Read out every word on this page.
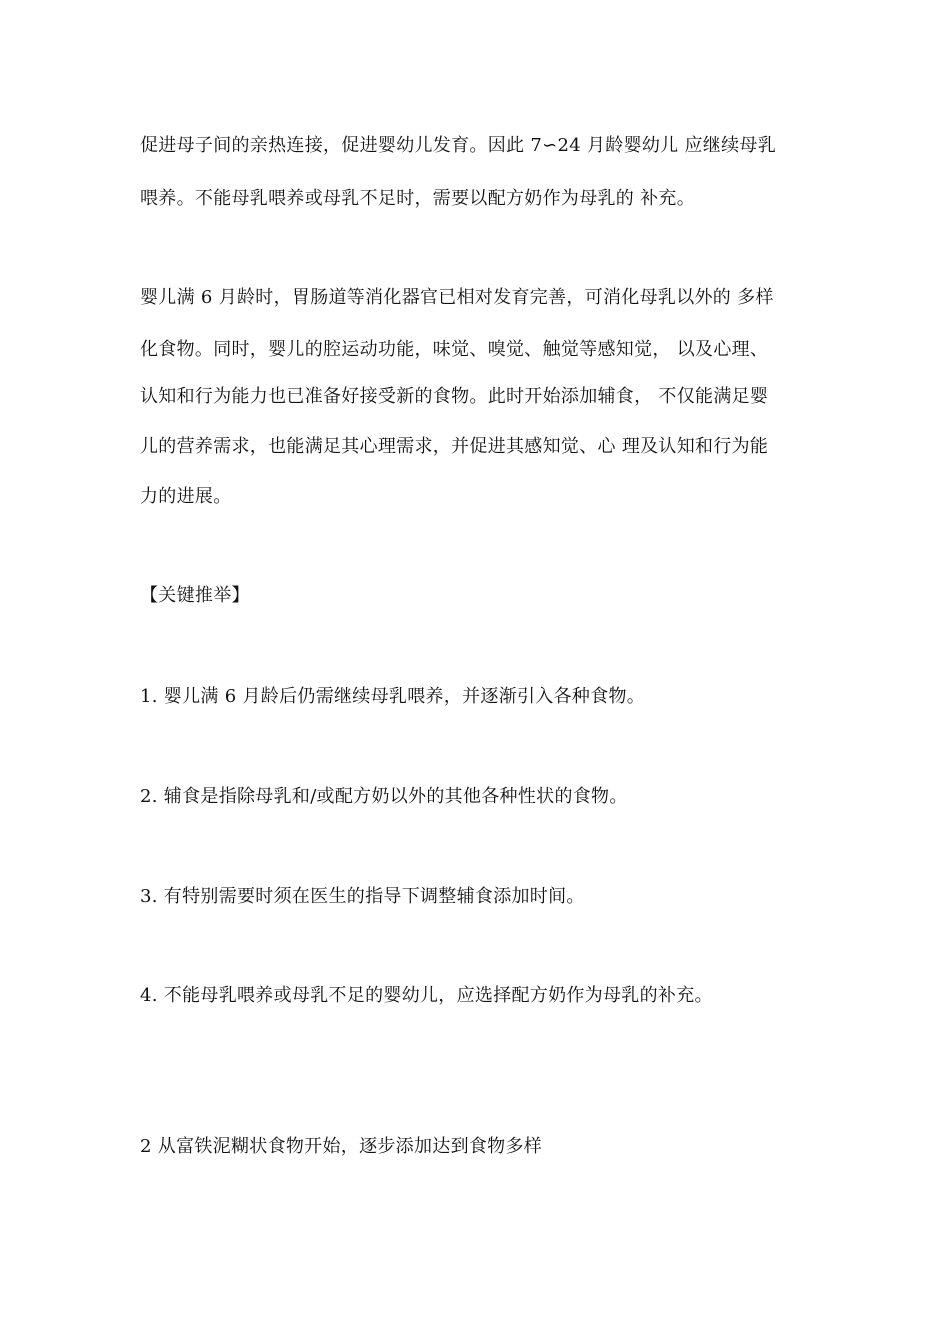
促进母子间的亲热连接，促进婴幼儿发育。因此 7∽24 月龄婴幼儿 应继续母乳
喂养。不能母乳喂养或母乳不足时，需要以配方奶作为母乳的 补充。
婴儿满 6 月龄时，胃肠道等消化器官已相对发育完善，可消化母乳以外的 多样
化食物。同时，婴儿的腔运动功能，味觉、嗅觉、触觉等感知觉， 以及心理、
认知和行为能力也已准备好接受新的食物。此时开始添加辅食， 不仅能满足婴
儿的营养需求，也能满足其心理需求，并促进其感知觉、心 理及认知和行为能
力的进展。
【关键推举】
1. 婴儿满 6 月龄后仍需继续母乳喂养，并逐渐引入各种食物。
2. 辅食是指除母乳和/或配方奶以外的其他各种性状的食物。
3. 有特别需要时须在医生的指导下调整辅食添加时间。
4. 不能母乳喂养或母乳不足的婴幼儿，应选择配方奶作为母乳的补充。
2 从富铁泥糊状食物开始，逐步添加达到食物多样
